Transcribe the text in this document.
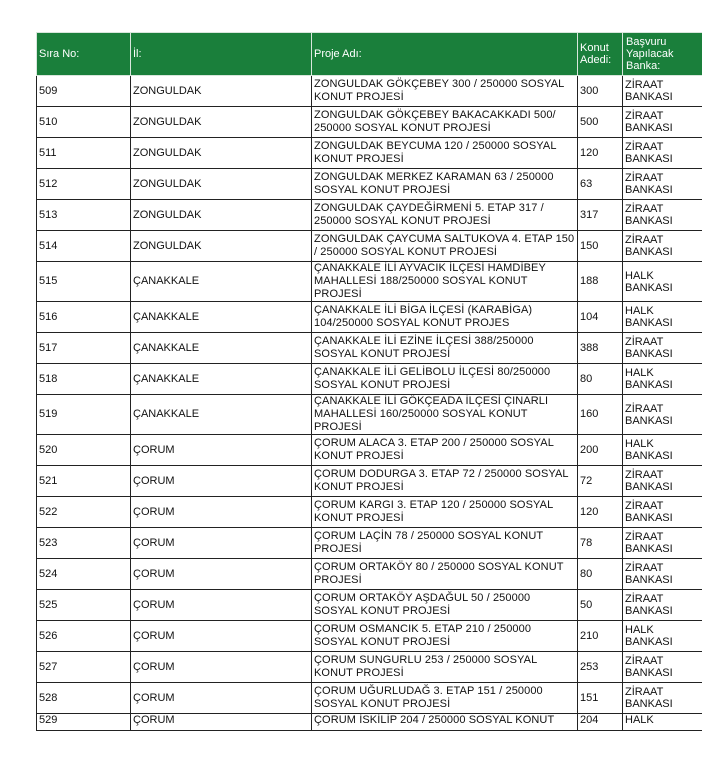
Sıra No:	İl:	Proje Adı:	Konut Adedi:	Başvuru Yapılacak Banka:
509	ZONGULDAK	ZONGULDAK GÖKÇEBEY 300 / 250000 SOSYAL KONUT PROJESİ	300	ZİRAAT BANKASI
510	ZONGULDAK	ZONGULDAK GÖKÇEBEY BAKACAKKADI 500/ 250000 SOSYAL KONUT PROJESİ	500	ZİRAAT BANKASI
511	ZONGULDAK	ZONGULDAK BEYCUMA 120 / 250000 SOSYAL KONUT PROJESİ	120	ZİRAAT BANKASI
512	ZONGULDAK	ZONGULDAK MERKEZ KARAMAN 63 / 250000 SOSYAL KONUT PROJESİ	63	ZİRAAT BANKASI
513	ZONGULDAK	ZONGULDAK ÇAYDEĞİRMENİ 5. ETAP 317 / 250000 SOSYAL KONUT PROJESİ	317	ZİRAAT BANKASI
514	ZONGULDAK	ZONGULDAK ÇAYCUMA SALTUKOVA 4. ETAP 150 / 250000 SOSYAL KONUT PROJESİ	150	ZİRAAT BANKASI
515	ÇANAKKALE	ÇANAKKALE İLİ AYVACIK İLÇESİ HAMDİBEY MAHALLESİ 188/250000 SOSYAL KONUT PROJESİ	188	HALK BANKASI
516	ÇANAKKALE	ÇANAKKALE İLİ BİGA İLÇESİ (KARABİGA) 104/250000 SOSYAL KONUT PROJES	104	HALK BANKASI
517	ÇANAKKALE	ÇANAKKALE İLİ EZİNE İLÇESİ 388/250000 SOSYAL KONUT PROJESİ	388	ZİRAAT BANKASI
518	ÇANAKKALE	ÇANAKKALE İLİ GELİBOLU İLÇESİ 80/250000 SOSYAL KONUT PROJESİ	80	HALK BANKASI
519	ÇANAKKALE	ÇANAKKALE İLİ GÖKÇEADA İLÇESİ ÇINARLI MAHALLESİ 160/250000 SOSYAL KONUT PROJESİ	160	ZİRAAT BANKASI
520	ÇORUM	ÇORUM ALACA 3. ETAP 200 / 250000 SOSYAL KONUT PROJESİ	200	HALK BANKASI
521	ÇORUM	ÇORUM DODURGA 3. ETAP 72 / 250000 SOSYAL KONUT PROJESİ	72	ZİRAAT BANKASI
522	ÇORUM	ÇORUM KARGI 3. ETAP 120 / 250000 SOSYAL KONUT PROJESİ	120	ZİRAAT BANKASI
523	ÇORUM	ÇORUM LAÇİN 78 / 250000 SOSYAL KONUT PROJESİ	78	ZİRAAT BANKASI
524	ÇORUM	ÇORUM ORTAKÖY 80 / 250000 SOSYAL KONUT PROJESİ	80	ZİRAAT BANKASI
525	ÇORUM	ÇORUM ORTAKÖY AŞDAĞUL 50 / 250000 SOSYAL KONUT PROJESİ	50	ZİRAAT BANKASI
526	ÇORUM	ÇORUM OSMANCIK 5. ETAP 210 / 250000 SOSYAL KONUT PROJESİ	210	HALK BANKASI
527	ÇORUM	ÇORUM SUNGURLU 253 / 250000 SOSYAL KONUT PROJESİ	253	ZİRAAT BANKASI
528	ÇORUM	ÇORUM UĞURLUDAĞ 3. ETAP 151 / 250000 SOSYAL KONUT PROJESİ	151	ZİRAAT BANKASI
529	ÇORUM	ÇORUM İSKİLİP 204 / 250000 SOSYAL KONUT	204	HALK
